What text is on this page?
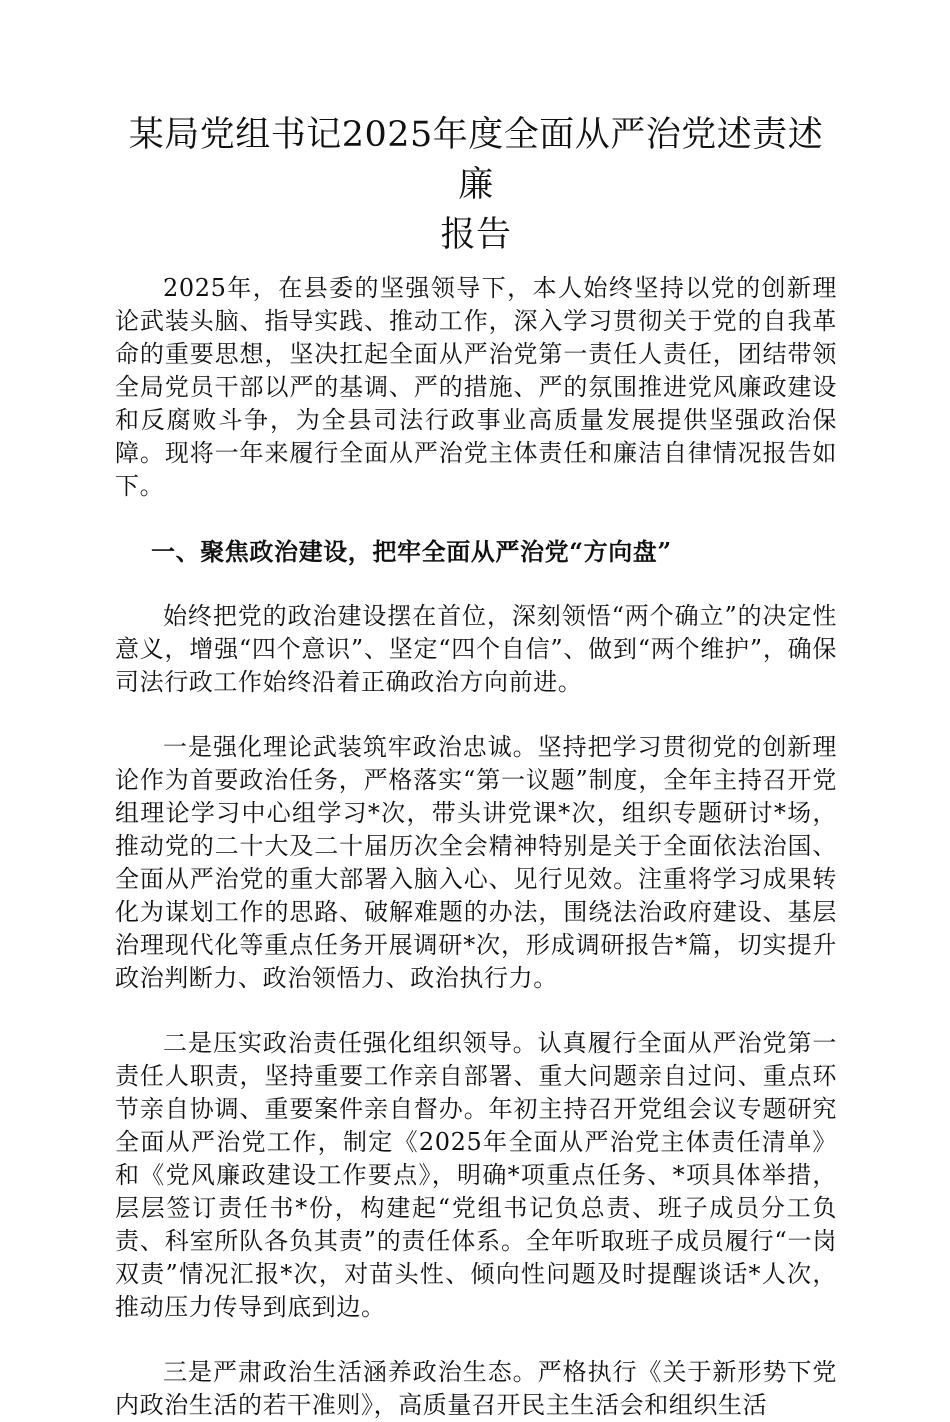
某局党组书记2025年度全面从严治党述责述廉
报告

2025年，在县委的坚强领导下，本人始终坚持以党的创新理论武装头脑、指导实践、推动工作，深入学习贯彻关于党的自我革命的重要思想，坚决扛起全面从严治党第一责任人责任，团结带领全局党员干部以严的基调、严的措施、严的氛围推进党风廉政建设和反腐败斗争，为全县司法行政事业高质量发展提供坚强政治保障。现将一年来履行全面从严治党主体责任和廉洁自律情况报告如下。

一、聚焦政治建设，把牢全面从严治党“方向盘”

始终把党的政治建设摆在首位，深刻领悟“两个确立”的决定性意义，增强“四个意识”、坚定“四个自信”、做到“两个维护”，确保司法行政工作始终沿着正确政治方向前进。

一是强化理论武装筑牢政治忠诚。坚持把学习贯彻党的创新理论作为首要政治任务，严格落实“第一议题”制度，全年主持召开党组理论学习中心组学习*次，带头讲党课*次，组织专题研讨*场，推动党的二十大及二十届历次全会精神特别是关于全面依法治国、全面从严治党的重大部署入脑入心、见行见效。注重将学习成果转化为谋划工作的思路、破解难题的办法，围绕法治政府建设、基层治理现代化等重点任务开展调研*次，形成调研报告*篇，切实提升政治判断力、政治领悟力、政治执行力。

二是压实政治责任强化组织领导。认真履行全面从严治党第一责任人职责，坚持重要工作亲自部署、重大问题亲自过问、重点环节亲自协调、重要案件亲自督办。年初主持召开党组会议专题研究全面从严治党工作，制定《2025年全面从严治党主体责任清单》和《党风廉政建设工作要点》，明确*项重点任务、*项具体举措，层层签订责任书*份，构建起“党组书记负总责、班子成员分工负责、科室所队各负其责”的责任体系。全年听取班子成员履行“一岗双责”情况汇报*次，对苗头性、倾向性问题及时提醒谈话*人次，推动压力传导到底到边。

三是严肃政治生活涵养政治生态。严格执行《关于新形势下党内政治生活的若干准则》，高质量召开民主生活会和组织生活
